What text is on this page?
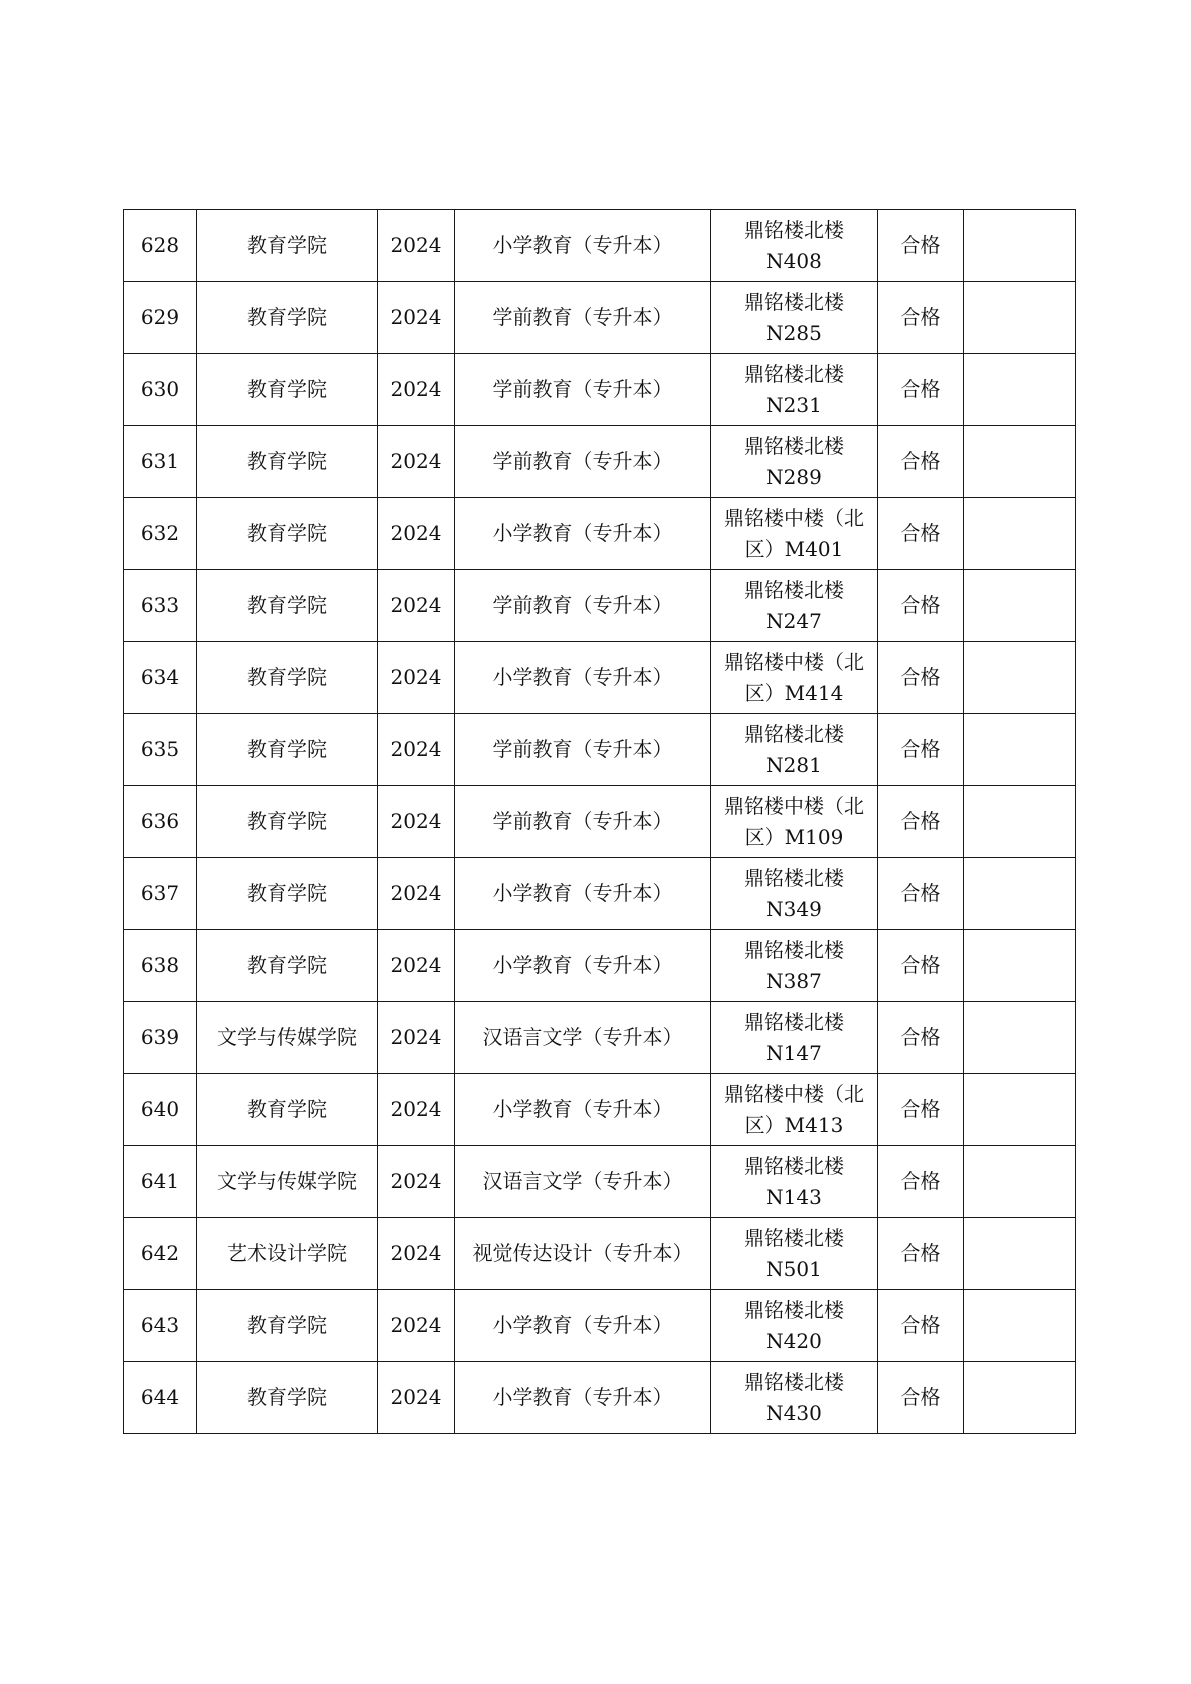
628	教育学院	2024	小学教育（专升本）	鼎铭楼北楼
N408	合格	
629	教育学院	2024	学前教育（专升本）	鼎铭楼北楼
N285	合格	
630	教育学院	2024	学前教育（专升本）	鼎铭楼北楼
N231	合格	
631	教育学院	2024	学前教育（专升本）	鼎铭楼北楼
N289	合格	
632	教育学院	2024	小学教育（专升本）	鼎铭楼中楼（北
区）M401	合格	
633	教育学院	2024	学前教育（专升本）	鼎铭楼北楼
N247	合格	
634	教育学院	2024	小学教育（专升本）	鼎铭楼中楼（北
区）M414	合格	
635	教育学院	2024	学前教育（专升本）	鼎铭楼北楼
N281	合格	
636	教育学院	2024	学前教育（专升本）	鼎铭楼中楼（北
区）M109	合格	
637	教育学院	2024	小学教育（专升本）	鼎铭楼北楼
N349	合格	
638	教育学院	2024	小学教育（专升本）	鼎铭楼北楼
N387	合格	
639	文学与传媒学院	2024	汉语言文学（专升本）	鼎铭楼北楼
N147	合格	
640	教育学院	2024	小学教育（专升本）	鼎铭楼中楼（北
区）M413	合格	
641	文学与传媒学院	2024	汉语言文学（专升本）	鼎铭楼北楼
N143	合格	
642	艺术设计学院	2024	视觉传达设计（专升本）	鼎铭楼北楼
N501	合格	
643	教育学院	2024	小学教育（专升本）	鼎铭楼北楼
N420	合格	
644	教育学院	2024	小学教育（专升本）	鼎铭楼北楼
N430	合格	
